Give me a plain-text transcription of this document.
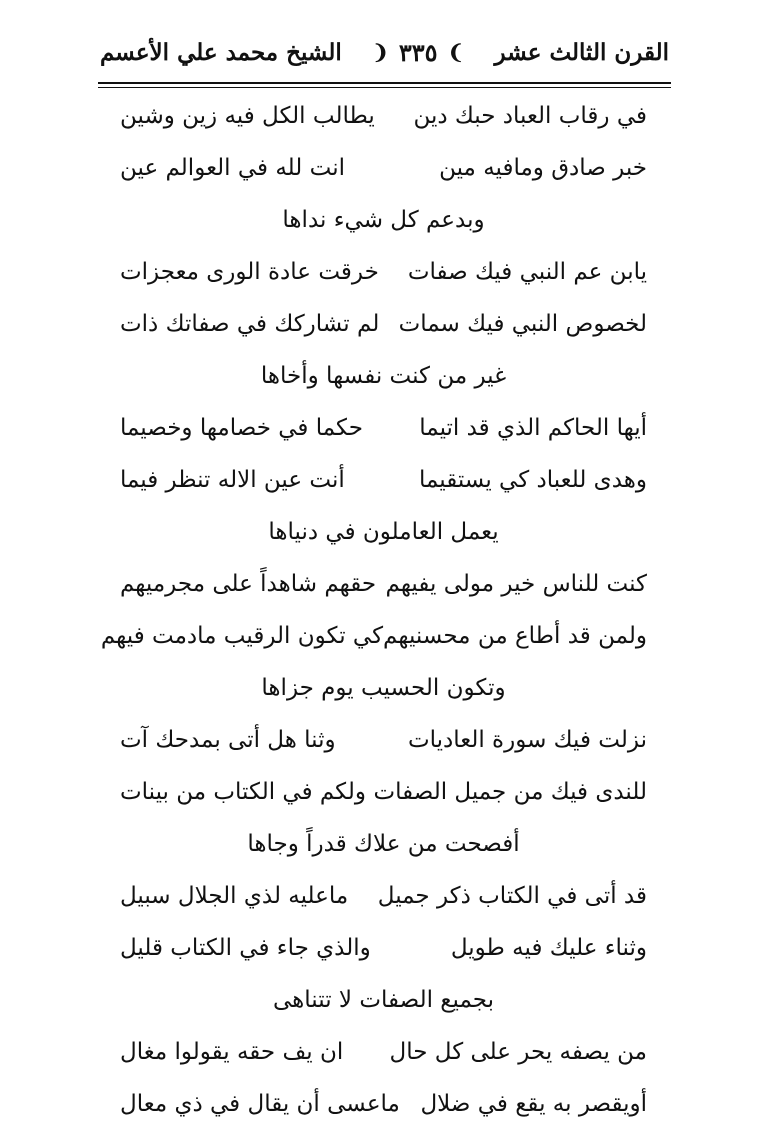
القرن الثالث عشر
❩
٣٣٥
❨
الشيخ محمد علي الأعسم
في رقاب العباد حبك دين
يطالب الكل فيه زين وشين
خبر صادق ومافيه مين
انت لله في العوالم عين
وبدعم كل شيء نداها
يابن عم النبي فيك صفات
خرقت عادة الورى معجزات
لخصوص النبي فيك سمات
لم تشاركك في صفاتك ذات
غير من كنت نفسها وأخاها
أيها الحاكم الذي قد اتيما
حكما في خصامها وخصيما
وهدى للعباد كي يستقيما
أنت عين الاله تنظر فيما
يعمل العاملون في دنياها
كنت للناس خير مولى يفيهم
حقهم شاهداً على مجرميهم
ولمن قد أطاع من محسنيهم
كي تكون الرقيب مادمت فيهم
وتكون الحسيب يوم جزاها
نزلت فيك سورة العاديات
وثنا هل أتى بمدحك آت
للندى فيك من جميل الصفات
ولكم في الكتاب من بينات
أفصحت من علاك قدراً وجاها
قد أتى في الكتاب ذكر جميل
ماعليه لذي الجلال سبيل
وثناء عليك فيه طويل
والذي جاء في الكتاب قليل
بجميع الصفات لا تتناهى
من يصفه يحر على كل حال
ان يف حقه يقولوا مغال
أويقصر به يقع في ضلال
ماعسى أن يقال في ذي معال
